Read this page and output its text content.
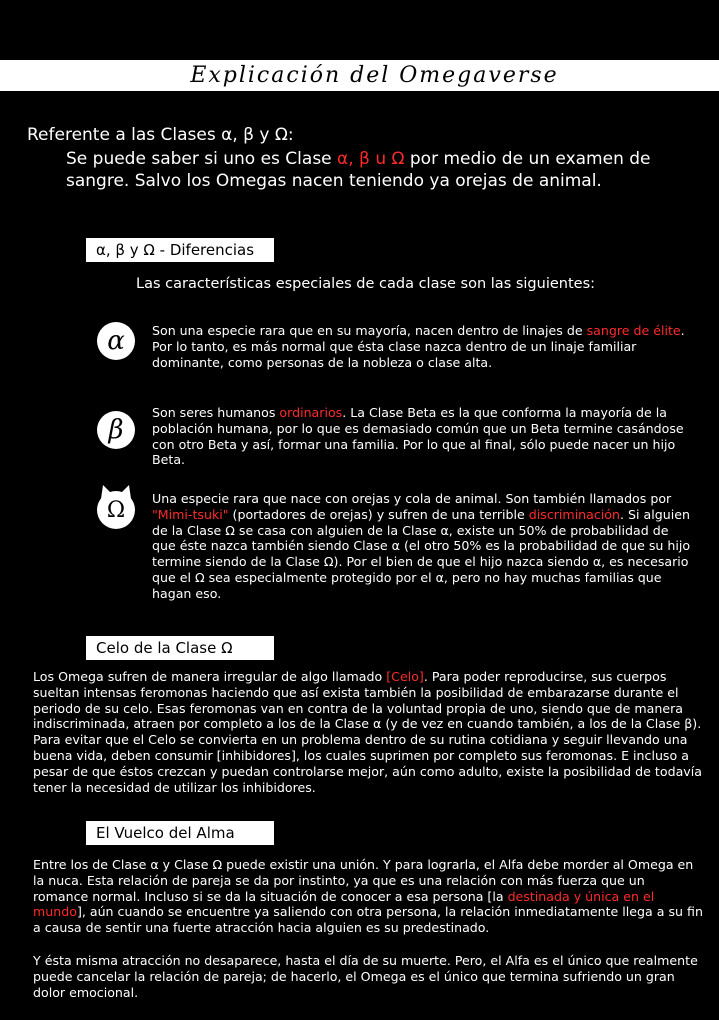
Explicación del Omegaverse
Referente a las Clases α, β y Ω:
Se puede saber si uno es Clase α, β u Ω por medio de un examen de sangre. Salvo los Omegas nacen teniendo ya orejas de animal.
α, β y Ω - Diferencias
Las características especiales de cada clase son las siguientes:
α	Son una especie rara que en su mayoría, nacen dentro de linajes de sangre de élite. Por lo tanto, es más normal que ésta clase nazca dentro de un linaje familiar dominante, como personas de la nobleza o clase alta.
β
Son seres humanos ordinarios. La Clase Beta es la que conforma la mayoría de la población humana, por lo que es demasiado común que un Beta termine casándose con otro Beta y así, formar una familia. Por lo que al final, sólo puede nacer un hijo Beta.
Ω Una especie rara que nace con orejas y cola de animal. Son también llamados por "Mimi-tsuki" (portadores de orejas) y sufren de una terrible discriminación. Si alguien de la Clase Ω se casa con alguien de la Clase α, existe un 50% de probabilidad de que éste nazca también siendo Clase α (el otro 50% es la probabilidad de que su hijo termine siendo de la Clase Ω). Por el bien de que el hijo nazca siendo α, es necesario que el Ω sea especialmente protegido por el α, pero no hay muchas familias que hagan eso.
Celo de la Clase Ω
Los Omega sufren de manera irregular de algo llamado [Celo]. Para poder reproducirse, sus cuerpos sueltan intensas feromonas haciendo que así exista también la posibilidad de embarazarse durante el periodo de su celo. Esas feromonas van en contra de la voluntad propia de uno, siendo que de manera indiscriminada, atraen por completo a los de la Clase α (y de vez en cuando también, a los de la Clase β). Para evitar que el Celo se convierta en un problema dentro de su rutina cotidiana y seguir llevando una buena vida, deben consumir [inhibidores], los cuales suprimen por completo sus feromonas. E incluso a pesar de que éstos crezcan y puedan controlarse mejor, aún como adulto, existe la posibilidad de todavía tener la necesidad de utilizar los inhibidores.
El Vuelco del Alma
Entre los de Clase α y Clase Ω puede existir una unión. Y para lograrla, el Alfa debe morder al Omega en la nuca. Esta relación de pareja se da por instinto, ya que es una relación con más fuerza que un romance normal. Incluso si se da la situación de conocer a esa persona [la destinada y única en el mundo], aún cuando se encuentre ya saliendo con otra persona, la relación inmediatamente llega a su fin a causa de sentir una fuerte atracción hacia alguien es su predestinado.
Y ésta misma atracción no desaparece, hasta el día de su muerte. Pero, el Alfa es el único que realmente puede cancelar la relación de pareja; de hacerlo, el Omega es el único que termina sufriendo un gran dolor emocional.
